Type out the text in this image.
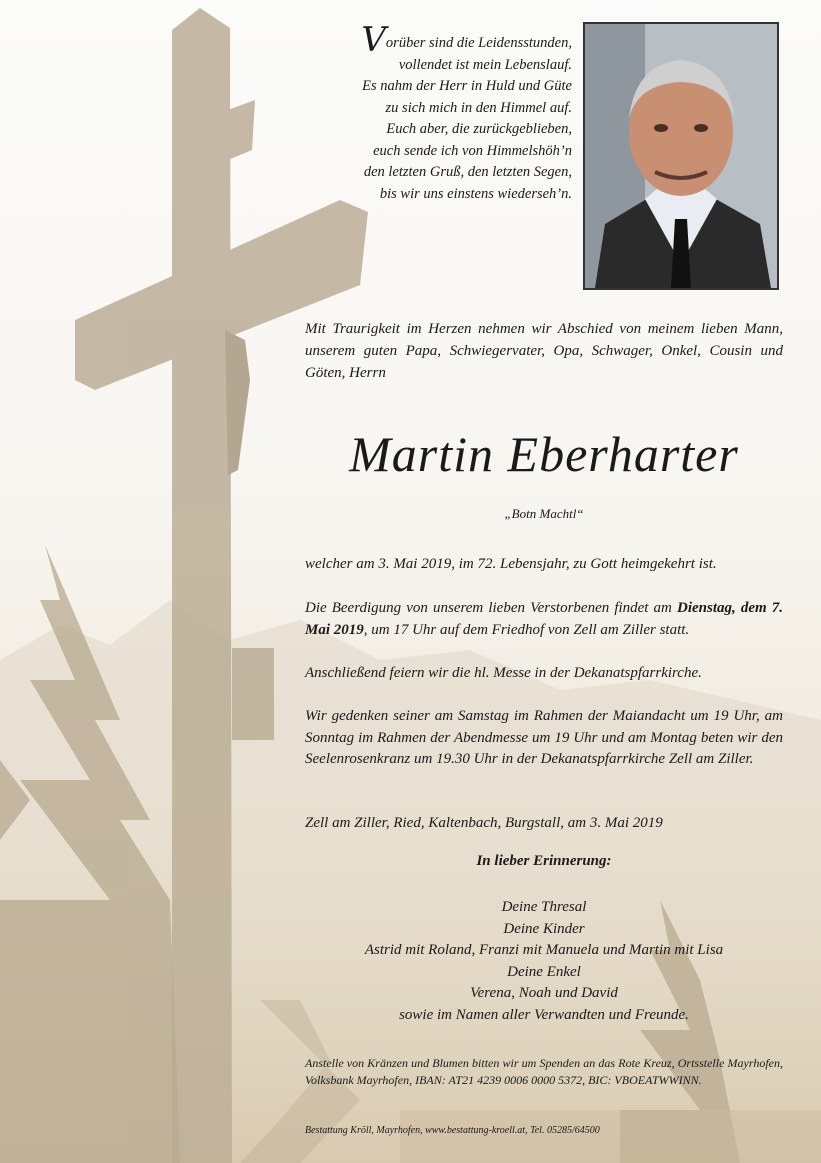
Vorüber sind die Leidensstunden,
vollendet ist mein Lebenslauf.
Es nahm der Herr in Huld und Güte
zu sich mich in den Himmel auf.
Euch aber, die zurückgeblieben,
euch sende ich von Himmelshöh’n
den letzten Gruß, den letzten Segen,
bis wir uns einstens wiederseh’n.
Mit Traurigkeit im Herzen nehmen wir Abschied von meinem lieben Mann, unserem guten Papa, Schwiegervater, Opa, Schwager, Onkel, Cousin und Göten, Herrn
Martin Eberharter
„Botn Machtl“
welcher am 3. Mai 2019, im 72. Lebensjahr, zu Gott heimgekehrt ist.
Die Beerdigung von unserem lieben Verstorbenen findet am Dienstag, dem 7. Mai 2019, um 17 Uhr auf dem Friedhof von Zell am Ziller statt.
Anschließend feiern wir die hl. Messe in der Dekanatspfarrkirche.
Wir gedenken seiner am Samstag im Rahmen der Maiandacht um 19 Uhr, am Sonntag im Rahmen der Abendmesse um 19 Uhr und am Montag beten wir den Seelenrosenkranz um 19.30 Uhr in der Dekanatspfarrkirche Zell am Ziller.
Zell am Ziller, Ried, Kaltenbach, Burgstall, am 3. Mai 2019
In lieber Erinnerung:
Deine Thresal
Deine Kinder
Astrid mit Roland, Franzi mit Manuela und Martin mit Lisa
Deine Enkel
Verena, Noah und David
sowie im Namen aller Verwandten und Freunde.
Anstelle von Kränzen und Blumen bitten wir um Spenden an das Rote Kreuz, Ortsstelle Mayrhofen, Volksbank Mayrhofen, IBAN: AT21 4239 0006 0000 5372, BIC: VBOEATWWINN.
Bestattung Kröll, Mayrhofen, www.bestattung-kroell.at, Tel. 05285/64500
